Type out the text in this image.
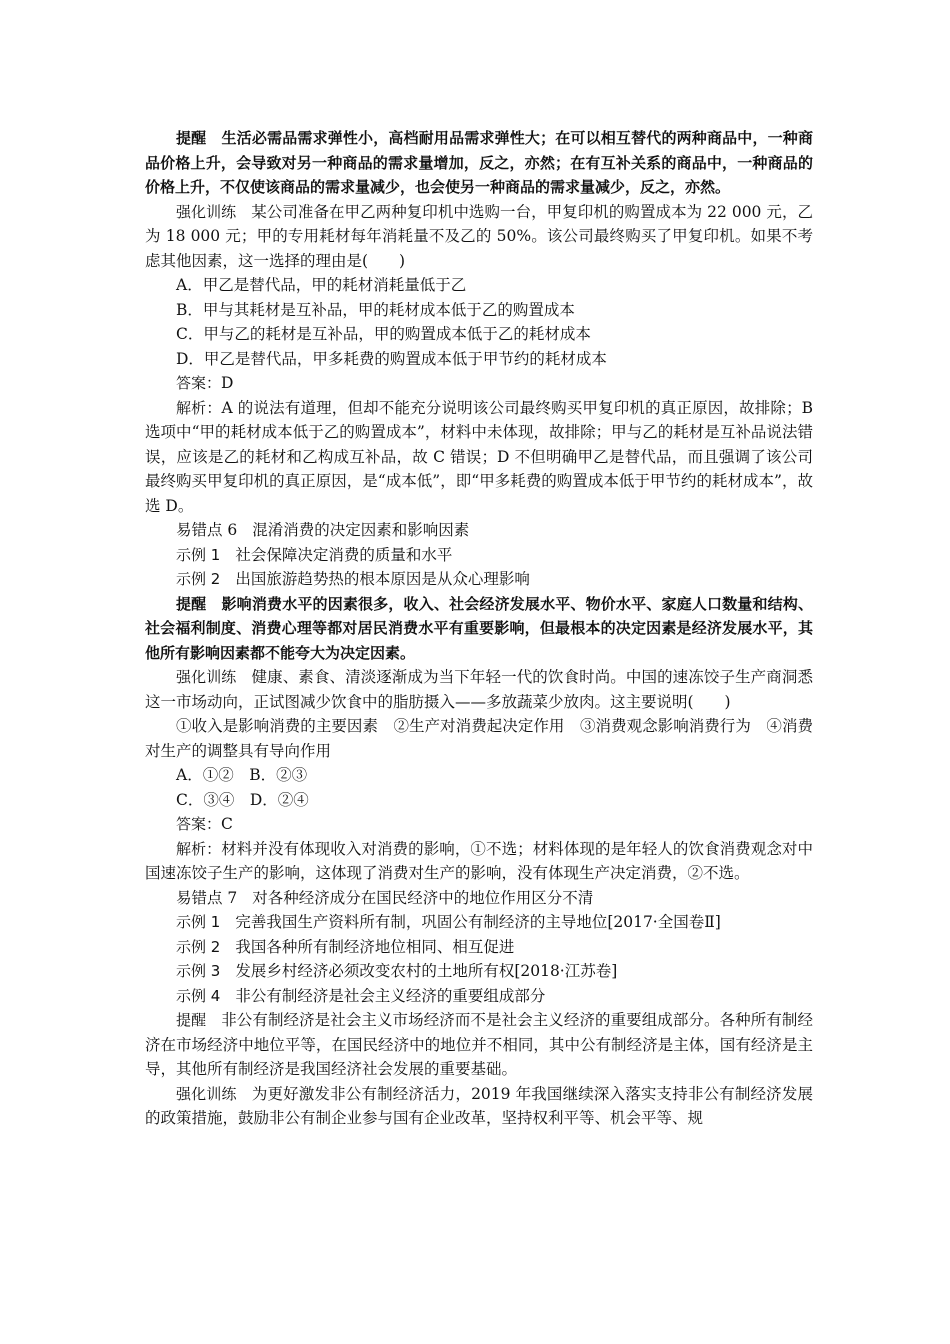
提醒 生活必需品需求弹性小，高档耐用品需求弹性大；在可以相互替代的两种商品中，一种商品价格上升，会导致对另一种商品的需求量增加，反之，亦然；在有互补关系的商品中，一种商品的价格上升，不仅使该商品的需求量减少，也会使另一种商品的需求量减少，反之，亦然。

强化训练 某公司准备在甲乙两种复印机中选购一台，甲复印机的购置成本为 22 000 元，乙为 18 000 元；甲的专用耗材每年消耗量不及乙的 50%。该公司最终购买了甲复印机。如果不考虑其他因素，这一选择的理由是(　　)

A．甲乙是替代品，甲的耗材消耗量低于乙

B．甲与其耗材是互补品，甲的耗材成本低于乙的购置成本

C．甲与乙的耗材是互补品，甲的购置成本低于乙的耗材成本

D．甲乙是替代品，甲多耗费的购置成本低于甲节约的耗材成本

答案：D

解析：A 的说法有道理，但却不能充分说明该公司最终购买甲复印机的真正原因，故排除；B 选项中“甲的耗材成本低于乙的购置成本”，材料中未体现，故排除；甲与乙的耗材是互补品说法错误，应该是乙的耗材和乙构成互补品，故 C 错误；D 不但明确甲乙是替代品，而且强调了该公司最终购买甲复印机的真正原因，是“成本低”，即“甲多耗费的购置成本低于甲节约的耗材成本”，故选 D。

易错点 6 混淆消费的决定因素和影响因素

示例 1 社会保障决定消费的质量和水平

示例 2 出国旅游趋势热的根本原因是从众心理影响

提醒 影响消费水平的因素很多，收入、社会经济发展水平、物价水平、家庭人口数量和结构、社会福利制度、消费心理等都对居民消费水平有重要影响，但最根本的决定因素是经济发展水平，其他所有影响因素都不能夸大为决定因素。

强化训练 健康、素食、清淡逐渐成为当下年轻一代的饮食时尚。中国的速冻饺子生产商洞悉这一市场动向，正试图减少饮食中的脂肪摄入——多放蔬菜少放肉。这主要说明(　　)

①收入是影响消费的主要因素　②生产对消费起决定作用　③消费观念影响消费行为　④消费对生产的调整具有导向作用

A．①②　B．②③

C．③④　D．②④

答案：C

解析：材料并没有体现收入对消费的影响，①不选；材料体现的是年轻人的饮食消费观念对中国速冻饺子生产的影响，这体现了消费对生产的影响，没有体现生产决定消费，②不选。

易错点 7 对各种经济成分在国民经济中的地位作用区分不清

示例 1 完善我国生产资料所有制，巩固公有制经济的主导地位[2017·全国卷Ⅱ]

示例 2 我国各种所有制经济地位相同、相互促进

示例 3 发展乡村经济必须改变农村的土地所有权[2018·江苏卷]

示例 4 非公有制经济是社会主义经济的重要组成部分

提醒 非公有制经济是社会主义市场经济而不是社会主义经济的重要组成部分。各种所有制经济在市场经济中地位平等，在国民经济中的地位并不相同，其中公有制经济是主体，国有经济是主导，其他所有制经济是我国经济社会发展的重要基础。

强化训练 为更好激发非公有制经济活力，2019 年我国继续深入落实支持非公有制经济发展的政策措施，鼓励非公有制企业参与国有企业改革，坚持权利平等、机会平等、规
